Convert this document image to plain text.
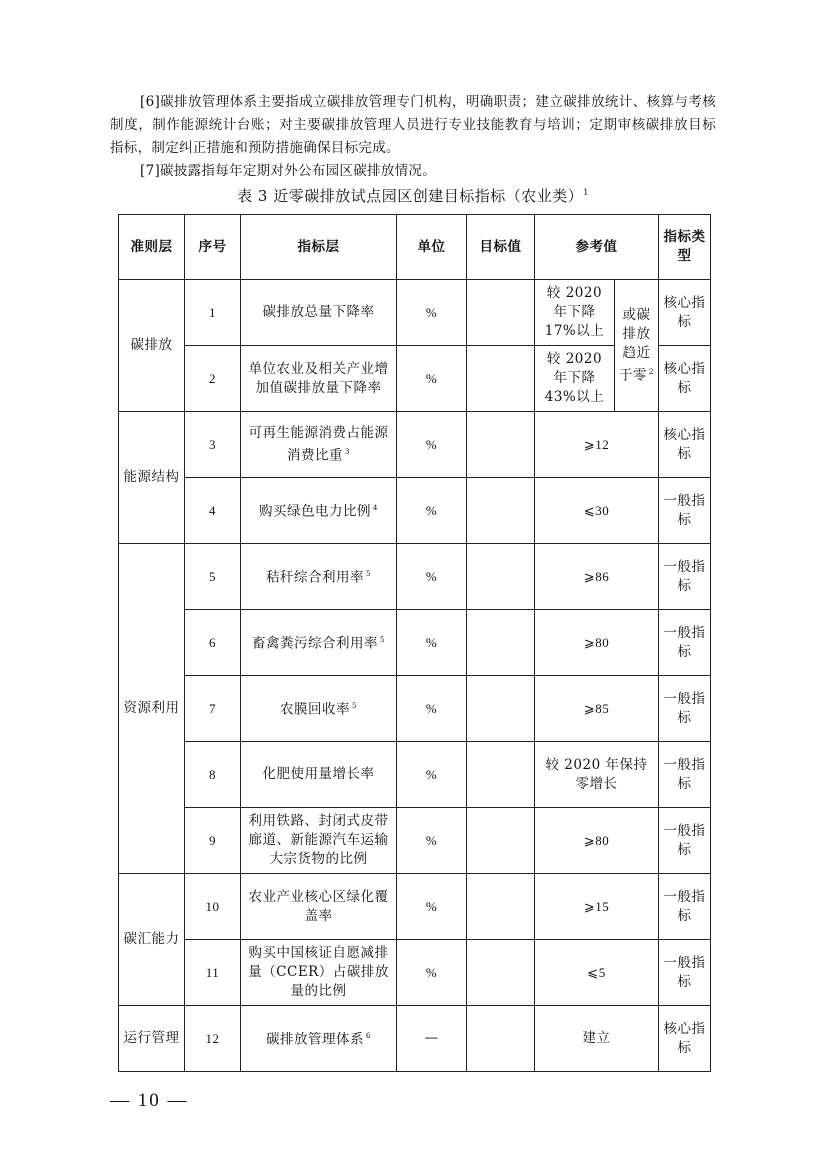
[6]碳排放管理体系主要指成立碳排放管理专门机构，明确职责；建立碳排放统计、核算与考核制度，制作能源统计台账；对主要碳排放管理人员进行专业技能教育与培训；定期审核碳排放目标指标，制定纠正措施和预防措施确保目标完成。

[7]碳披露指每年定期对外公布园区碳排放情况。

表 3 近零碳排放试点园区创建目标指标（农业类）$^1$
准则层	序号	指标层	单位	目标值	参考值		指标类型
碳排放	1	碳排放总量下降率	%		较 2020 年下降 17%以上	或碳排放趋近于零 $^2$	核心指标
	2	单位农业及相关产业增加值碳排放量下降率	%		较 2020 年下降 43%以上		核心指标
能源结构	3	可再生能源消费占能源消费比重 $^3$	%		⩾12		核心指标
	4	购买绿色电力比例 $^4$	%		⩽30		一般指标
资源利用	5	秸秆综合利用率 $^5$	%		⩾86		一般指标
	6	畜禽粪污综合利用率 $^5$	%		⩾80		一般指标
	7	农膜回收率 $^5$	%		⩾85		一般指标
	8	化肥使用量增长率	%		较 2020 年保持零增长		一般指标
	9	利用铁路、封闭式皮带廊道、新能源汽车运输大宗货物的比例	%		⩾80		一般指标
碳汇能力	10	农业产业核心区绿化覆盖率	%		⩾15		一般指标
	11	购买中国核证自愿减排量（CCER）占碳排放量的比例	%		⩽5		一般指标
运行管理	12	碳排放管理体系 $^6$	—		建立		核心指标
— 10 —
